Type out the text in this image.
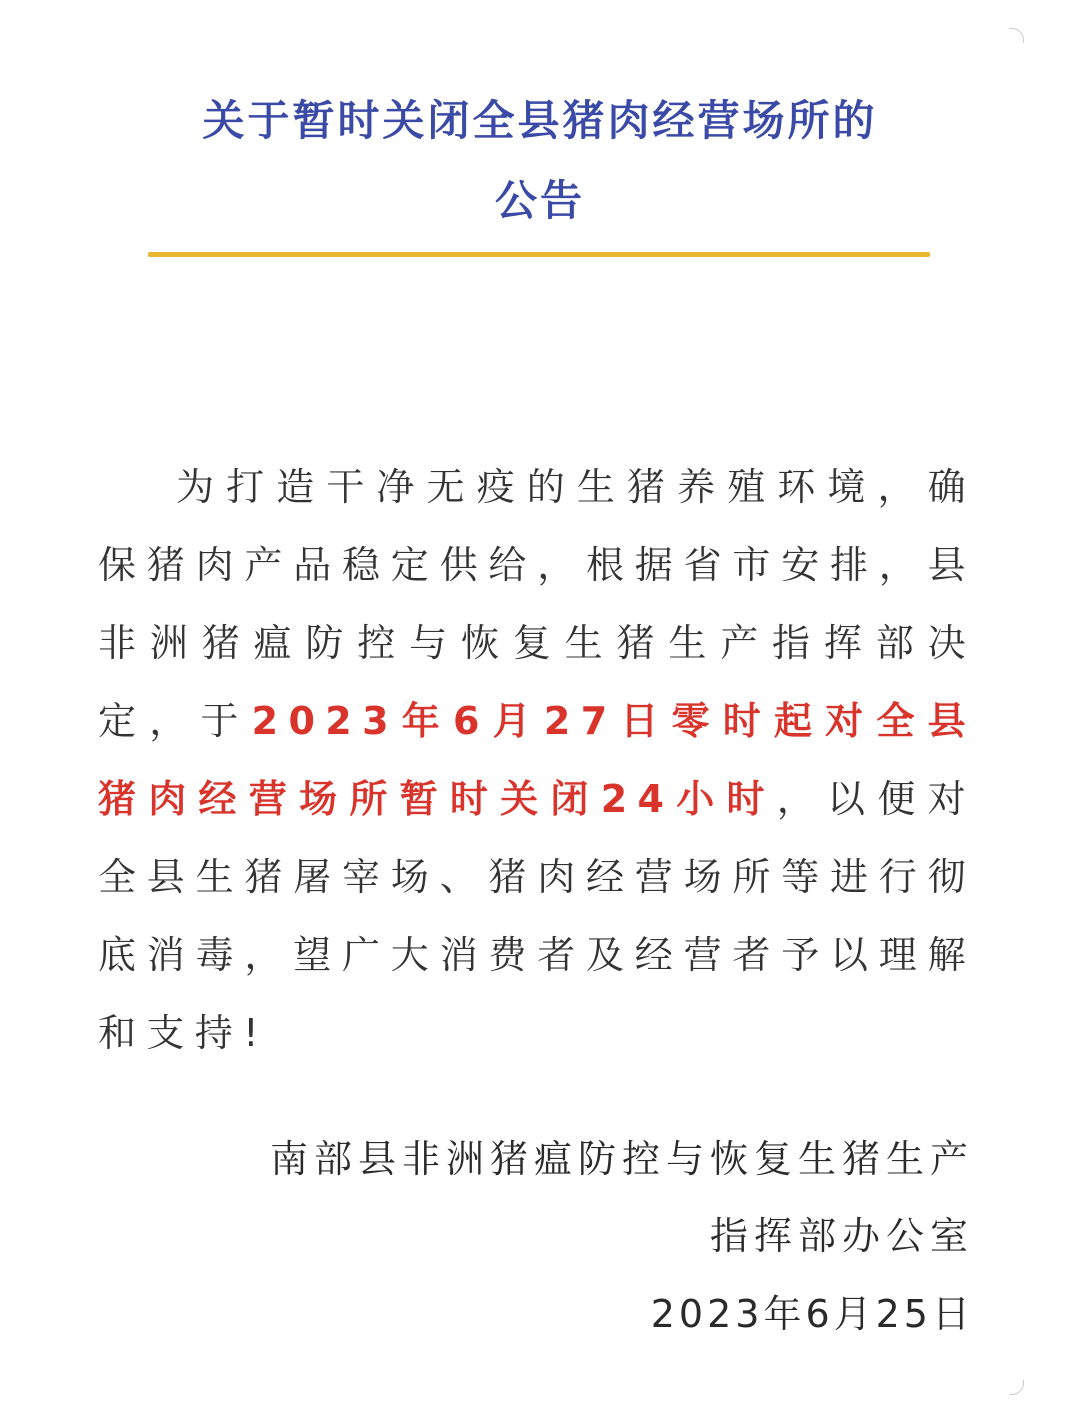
关于暂时关闭全县猪肉经营场所的
公告

为打造干净无疫的生猪养殖环境，确保猪肉产品稳定供给，根据省市安排，县非洲猪瘟防控与恢复生猪生产指挥部决定，于2023年6月27日零时起对全县猪肉经营场所暂时关闭24小时，以便对全县生猪屠宰场、猪肉经营场所等进行彻底消毒，望广大消费者及经营者予以理解和支持!

南部县非洲猪瘟防控与恢复生猪生产
指挥部办公室
2023年6月25日
